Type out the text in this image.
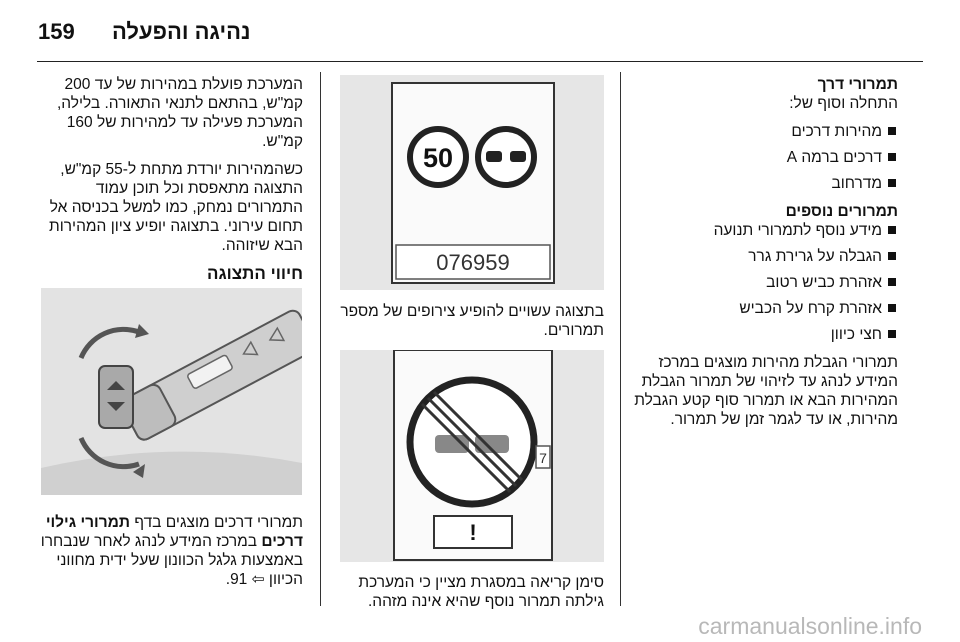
159 נהיגה והפעלה

המערכת פועלת במהירות של עד 200 קמ"ש, בהתאם לתנאי התאורה. בלילה, המערכת פעילה עד למהירות של 160 קמ"ש.

כשהמהירות יורדת מתחת ל-55 קמ"ש, התצוגה מתאפסת וכל תוכן עמוד התמרורים נמחק, כמו למשל בכניסה אל תחום עירוני. בתצוגה יופיע ציון המהירות הבא שיזוהה.

חיווי התצוגה

תמרורי דרכים מוצגים בדף תמרורי גילוי דרכים במרכז המידע לנהג לאחר שנבחרו באמצעות גלגל הכוונון שעל ידית מחווני הכיוון ⇦ 91.

50
076959
בתצוגה עשויים להופיע צירופים של מספר תמרורים.
7
!
סימן קריאה במסגרת מציין כי המערכת גילתה תמרור נוסף שהיא אינה מזהה.
תמרורי דרך

התחלה וסוף של:

מהירות דרכים
דרכים ברמה A
מדרחוב
תמרורים נוספים
מידע נוסף לתמרורי תנועה
הגבלה על גרירת גרר
אזהרת כביש רטוב
אזהרת קרח על הכביש
חצי כיוון

תמרורי הגבלת מהירות מוצגים במרכז המידע לנהג עד לזיהוי של תמרור הגבלת המהירות הבא או תמרור סוף קטע הגבלת מהירות, או עד לגמר זמן של תמרור.

carmanualsonline.info
